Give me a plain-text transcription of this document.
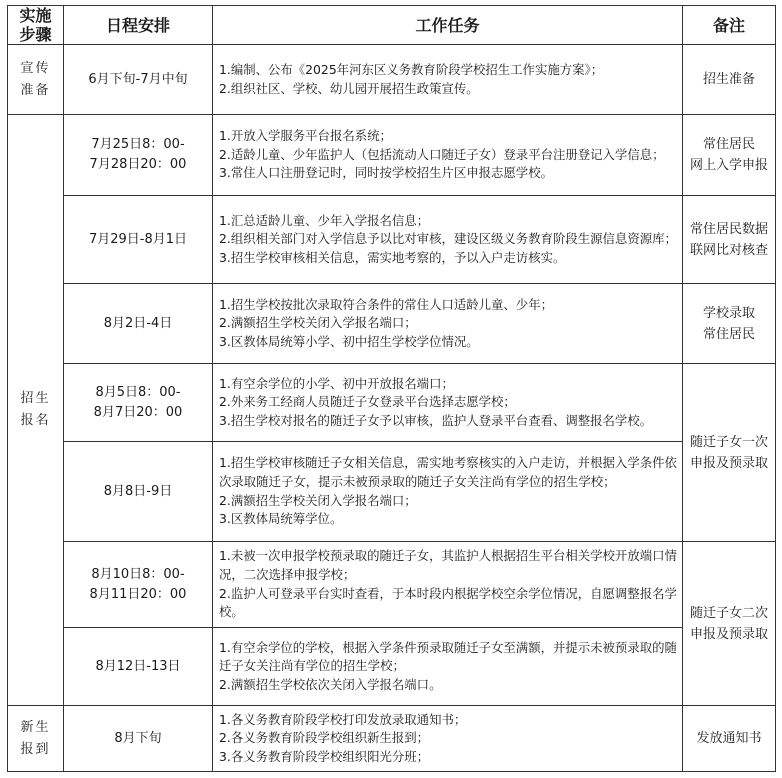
实施
步骤	日程安排	工作任务	备注

宣传
准备	6月下旬-7月中旬	1.编制、公布《2025年河东区义务教育阶段学校招生工作实施方案》；
2.组织社区、学校、幼儿园开展招生政策宣传。	招生准备

招生
报名	7月25日8：00-
7月28日20：00	1.开放入学服务平台报名系统；
2.适龄儿童、少年监护人（包括流动人口随迁子女）登录平台注册登记入学信息；
3.常住人口注册登记时，同时按学校招生片区申报志愿学校。	常住居民
网上入学申报

	7月29日-8月1日	1.汇总适龄儿童、少年入学报名信息；
2.组织相关部门对入学信息予以比对审核，建设区级义务教育阶段生源信息资源库；
3.招生学校审核相关信息，需实地考察的，予以入户走访核实。	常住居民数据联网比对核查

	8月2日-4日	1.招生学校按批次录取符合条件的常住人口适龄儿童、少年；
2.满额招生学校关闭入学报名端口；
3.区教体局统筹小学、初中招生学校学位情况。	学校录取
常住居民

	8月5日8：00-
8月7日20：00	1.有空余学位的小学、初中开放报名端口；
2.外来务工经商人员随迁子女登录平台选择志愿学校；
3.招生学校对报名的随迁子女予以审核，监护人登录平台查看、调整报名学校。	随迁子女一次申报及预录取

	8月8日-9日	1.招生学校审核随迁子女相关信息，需实地考察核实的入户走访，并根据入学条件依次录取随迁子女，提示未被预录取的随迁子女关注尚有学位的招生学校；
2.满额招生学校关闭入学报名端口；
3.区教体局统筹学位。	

	8月10日8：00-
8月11日20：00	1.未被一次申报学校预录取的随迁子女，其监护人根据招生平台相关学校开放端口情况，二次选择申报学校；
2.监护人可登录平台实时查看，于本时段内根据学校空余学位情况，自愿调整报名学校。	随迁子女二次申报及预录取

	8月12日-13日	1.有空余学位的学校，根据入学条件预录取随迁子女至满额，并提示未被预录取的随迁子女关注尚有学位的招生学校；
2.满额招生学校依次关闭入学报名端口。	

新生
报到	8月下旬	1.各义务教育阶段学校打印发放录取通知书；
2.各义务教育阶段学校组织新生报到；
3.各义务教育阶段学校组织阳光分班；	发放通知书
